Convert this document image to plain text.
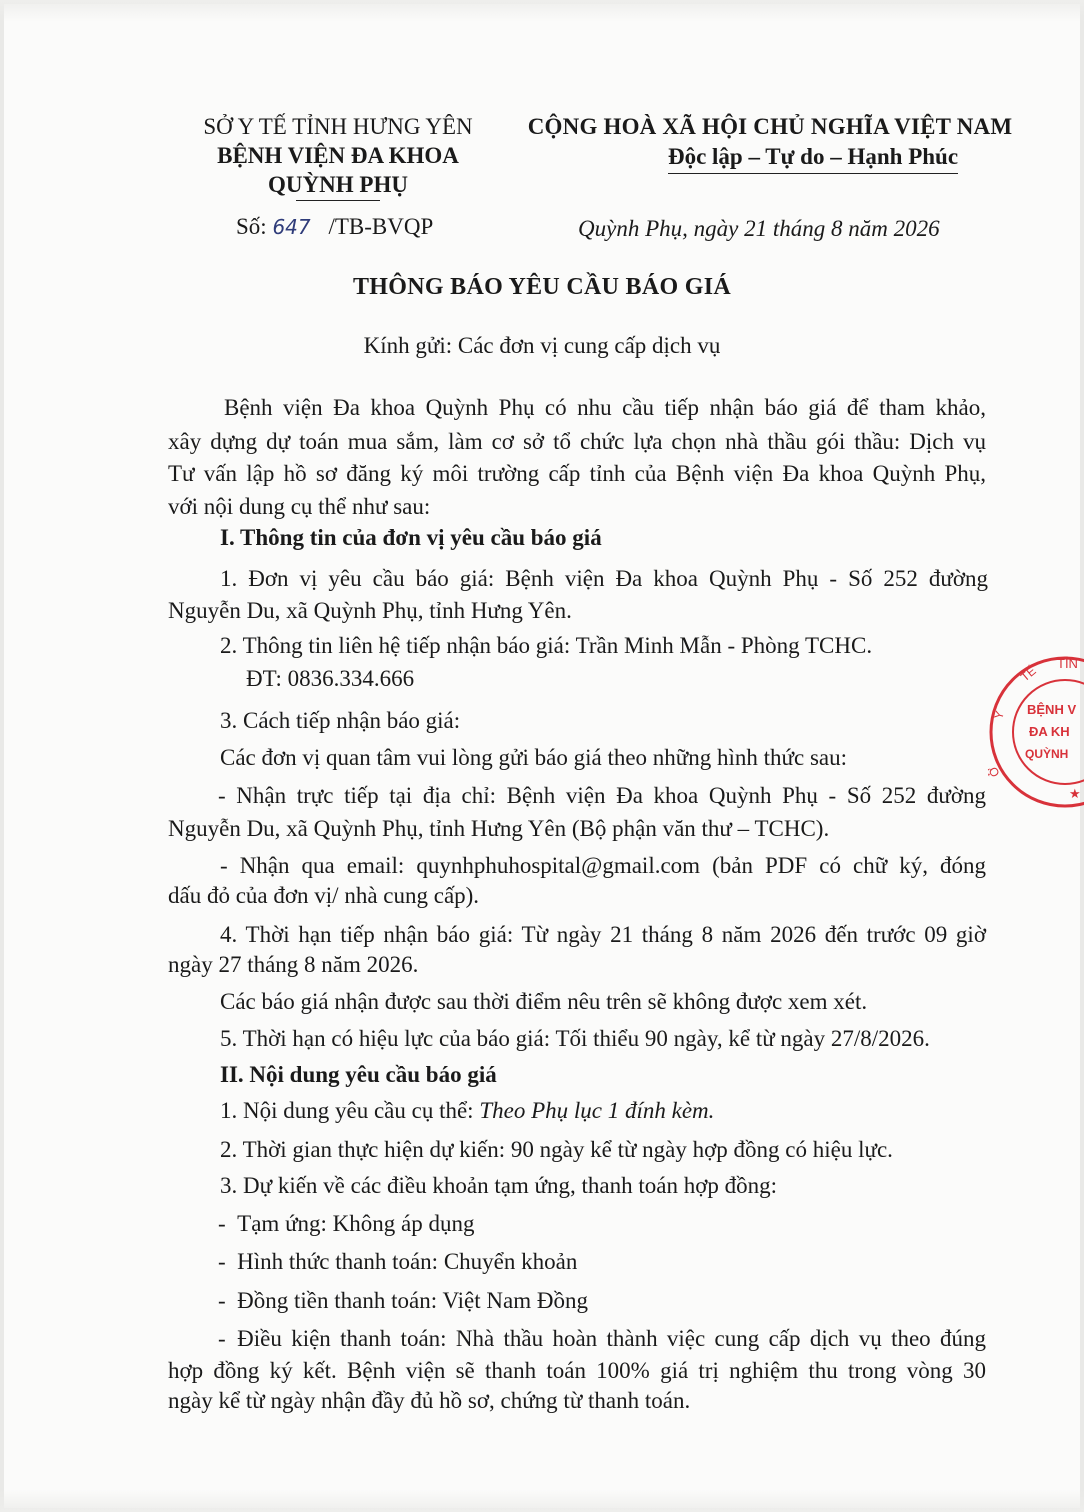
SỞ Y TẾ TỈNH HƯNG YÊN
BỆNH VIỆN ĐA KHOA
QUỲNH PHỤ
CỘNG HOÀ XÃ HỘI CHỦ NGHĨA VIỆT NAM
Độc lập – Tự do – Hạnh Phúc
Số: 647 /TB-BVQP	Quỳnh Phụ, ngày 21 tháng 8 năm 2026
THÔNG BÁO YÊU CẦU BÁO GIÁ
Kính gửi: Các đơn vị cung cấp dịch vụ
Bệnh viện Đa khoa Quỳnh Phụ có nhu cầu tiếp nhận báo giá để tham khảo,
xây dựng dự toán mua sắm, làm cơ sở tổ chức lựa chọn nhà thầu gói thầu: Dịch vụ
Tư vấn lập hồ sơ đăng ký môi trường cấp tỉnh của Bệnh viện Đa khoa Quỳnh Phụ,
với nội dung cụ thể như sau:
I. Thông tin của đơn vị yêu cầu báo giá
1. Đơn vị yêu cầu báo giá: Bệnh viện Đa khoa Quỳnh Phụ - Số 252 đường
Nguyễn Du, xã Quỳnh Phụ, tỉnh Hưng Yên.
2. Thông tin liên hệ tiếp nhận báo giá: Trần Minh Mẫn - Phòng TCHC.
ĐT: 0836.334.666
3. Cách tiếp nhận báo giá:
Các đơn vị quan tâm vui lòng gửi báo giá theo những hình thức sau:
- Nhận trực tiếp tại địa chỉ: Bệnh viện Đa khoa Quỳnh Phụ - Số 252 đường
Nguyễn Du, xã Quỳnh Phụ, tỉnh Hưng Yên (Bộ phận văn thư – TCHC).
- Nhận qua email: quynhphuhospital@gmail.com (bản PDF có chữ ký, đóng
dấu đỏ của đơn vị/ nhà cung cấp).
4. Thời hạn tiếp nhận báo giá: Từ ngày 21 tháng 8 năm 2026 đến trước 09 giờ
ngày 27 tháng 8 năm 2026.
Các báo giá nhận được sau thời điểm nêu trên sẽ không được xem xét.
5. Thời hạn có hiệu lực của báo giá: Tối thiểu 90 ngày, kể từ ngày 27/8/2026.
II. Nội dung yêu cầu báo giá
1. Nội dung yêu cầu cụ thể: Theo Phụ lục 1 đính kèm.
2. Thời gian thực hiện dự kiến: 90 ngày kể từ ngày hợp đồng có hiệu lực.
3. Dự kiến về các điều khoản tạm ứng, thanh toán hợp đồng:
-  Tạm ứng: Không áp dụng
-  Hình thức thanh toán: Chuyển khoản
-  Đồng tiền thanh toán: Việt Nam Đồng
- Điều kiện thanh toán: Nhà thầu hoàn thành việc cung cấp dịch vụ theo đúng
hợp đồng ký kết. Bệnh viện sẽ thanh toán 100% giá trị nghiệm thu trong vòng 30
ngày kể từ ngày nhận đầy đủ hồ sơ, chứng từ thanh toán.
TỈN
TẾ
Y
Ở
BỆNH V
ĐA KH
QUỲNH
★
